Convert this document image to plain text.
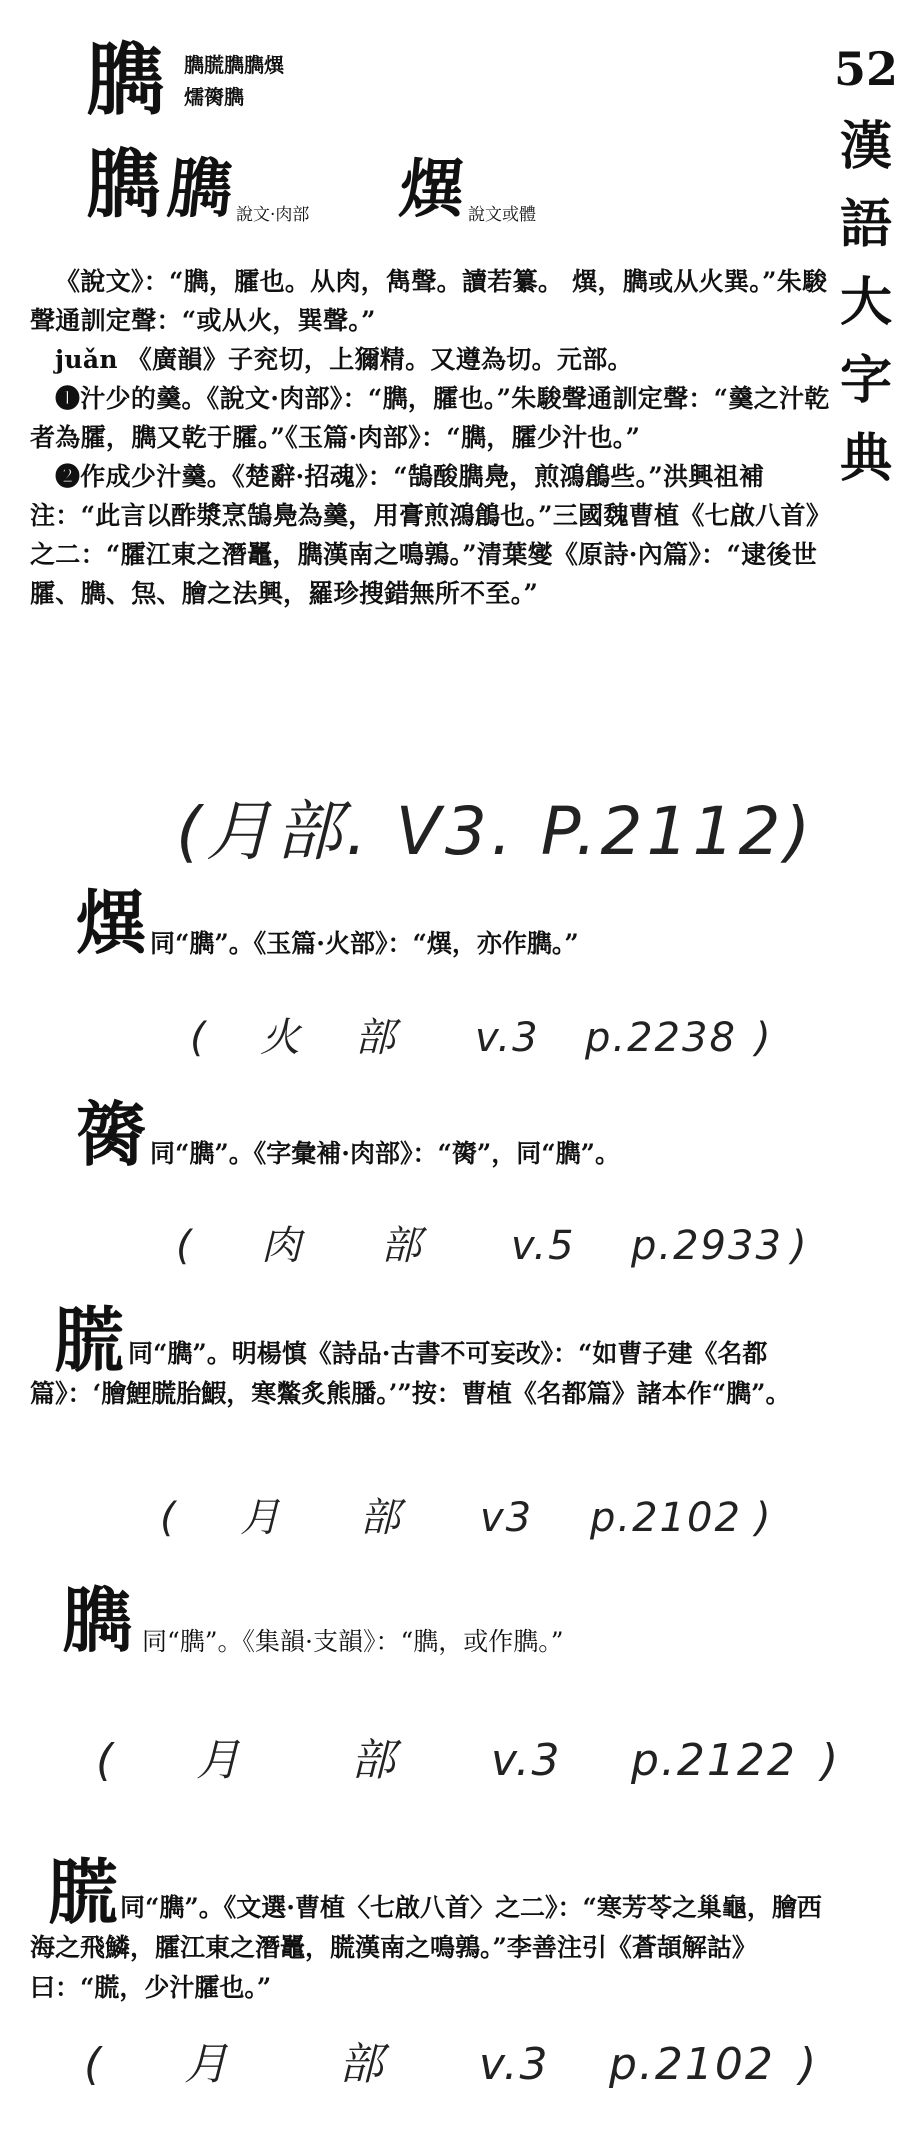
52
漢
語
大
字
典
臇 臇㬻臇臇熼
燸膐臇
臇 臇 說文·肉部 熼 說文或體

《說文》：“臇，臛也。从肉，雋聲。讀若纂。 熼，臇或从火巽。”朱駿聲通訓定聲：“或从火，巽聲。”

juǎn 《廣韻》子兖切，上獮精。又遵為切。元部。

❶汁少的羹。《說文·肉部》：“臇，臛也。”朱駿聲通訓定聲：“羹之汁乾者為臛，臇又乾于臛。”《玉篇·肉部》：“臇，臛少汁也。”

❷作成少汁羹。《楚辭·招魂》：“鵠酸臇鳧，煎鴻鶬些。”洪興祖補注：“此言以酢漿烹鵠鳧為羹，用膏煎鴻鶬也。”三國魏曹植《七啟八首》之二：“臛江東之潛鼉，臇漢南之鳴鶉。”清葉燮《原詩·內篇》：“逮後世臛、臇、炰、膾之法興，羅珍搜錯無所不至。”

(月部. V3. P.2112)
熼 同“臇”。《玉篇·火部》：“熼，亦作臇。”
( 火 部 v.3 p.2238 )
膐 同“臇”。《字彙補·肉部》：“膐”，同“臇”。
( 肉 部 v.5 p.2933 )
㬻 同“臇”。明楊慎《詩品·古書不可妄改》：“如曹子建《名都篇》：‘膾鯉㬻胎鰕，寒鱉炙熊膰。’”按：曹植《名都篇》諸本作“臇”。
( 月 部 v3 p.2102 )
臇 同“臇”。《集韻·支韻》：“臇，或作臇。”
( 月 部 v.3 p.2122 )
㬻 同“臇”。《文選·曹植〈七啟八首〉之二》：“寒芳苓之巢龜，膾西海之飛鱗，臛江東之潛鼉，㬻漢南之鳴鶉。”李善注引《蒼頡解詁》曰：“㬻，少汁臛也。”
( 月 部 v.3 p.2102 )
